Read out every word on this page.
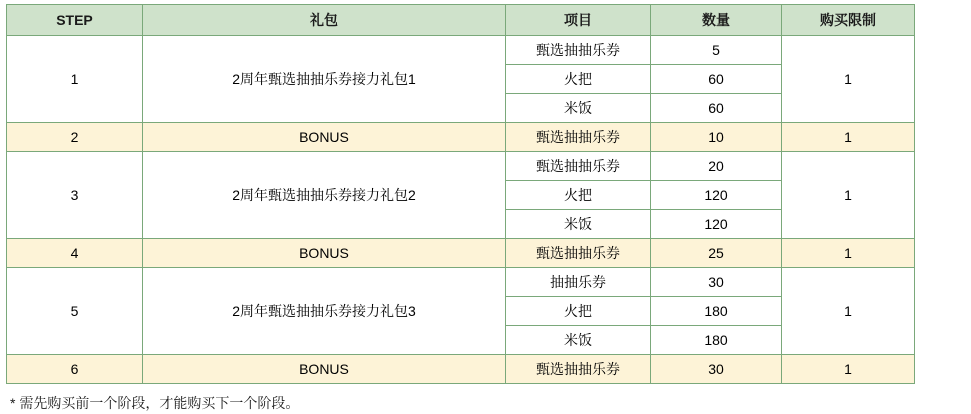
STEP	礼包	项目	数量	购买限制
1	2周年甄选抽抽乐券接力礼包1	甄选抽抽乐券	5	1
		火把	60	
		米饭	60	
2	BONUS	甄选抽抽乐券	10	1
3	2周年甄选抽抽乐券接力礼包2	甄选抽抽乐券	20	1
		火把	120	
		米饭	120	
4	BONUS	甄选抽抽乐券	25	1
5	2周年甄选抽抽乐券接力礼包3	抽抽乐券	30	1
		火把	180	
		米饭	180	
6	BONUS	甄选抽抽乐券	30	1
* 需先购买前一个阶段，才能购买下一个阶段。
